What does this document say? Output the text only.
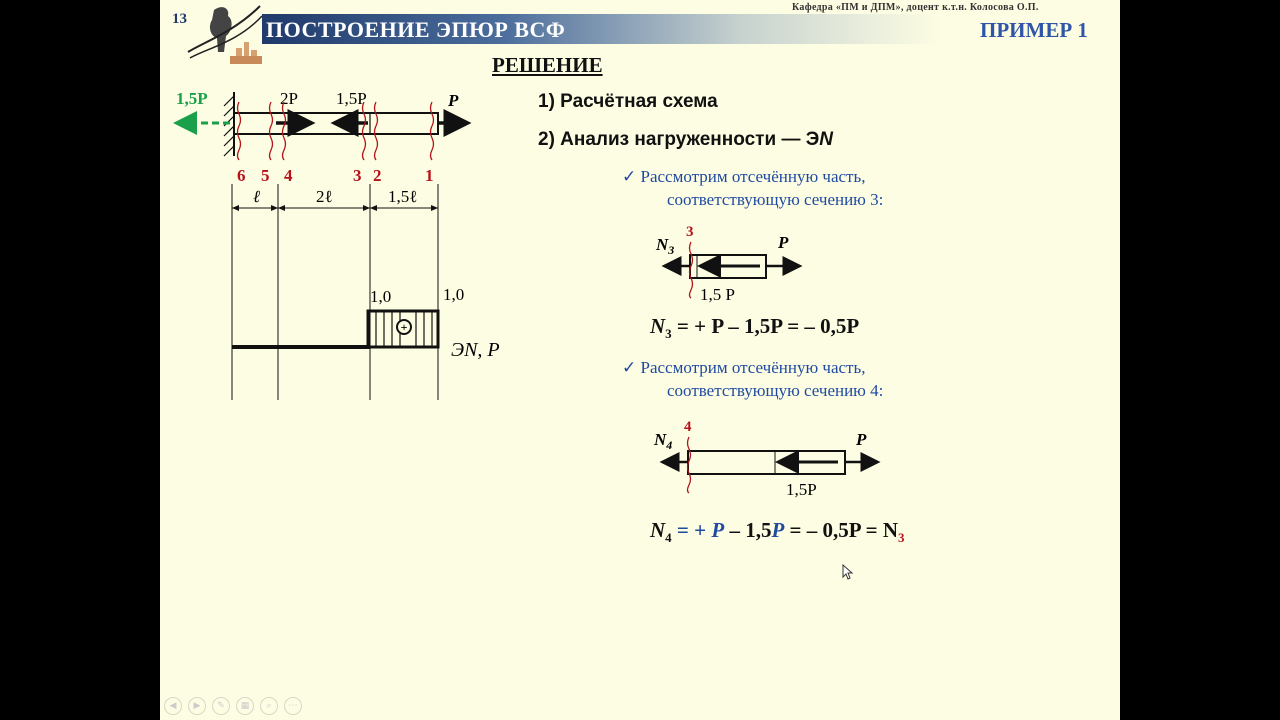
13	ПОСТРОЕНИЕ ЭПЮР ВСФ	ПРИМЕР 1
Кафедра «ПМ и ДПМ», доцент к.т.н. Колосова О.П.
РЕШЕНИЕ
1,5P	2P 1,5P	P
6 5 4	3 2	1
ℓ	2ℓ	1,5ℓ
+
1,0	1,0
ЭN, P
1) Расчётная схема
2) Анализ нагруженности — ЭN
✓ Рассмотрим отсечённую часть,
соответствующую сечению 3:
$N_3$
3
P
1,5 P
$N_3$ = + P – 1,5P = – 0,5P
✓ Рассмотрим отсечённую часть,
соответствующую сечению 4:
$N_4$
4
P
1,5P
$N_4$ = + P – 1,5P = – $0,5P = N_3$
◀	▶	✎	▦	⌕	⋯
